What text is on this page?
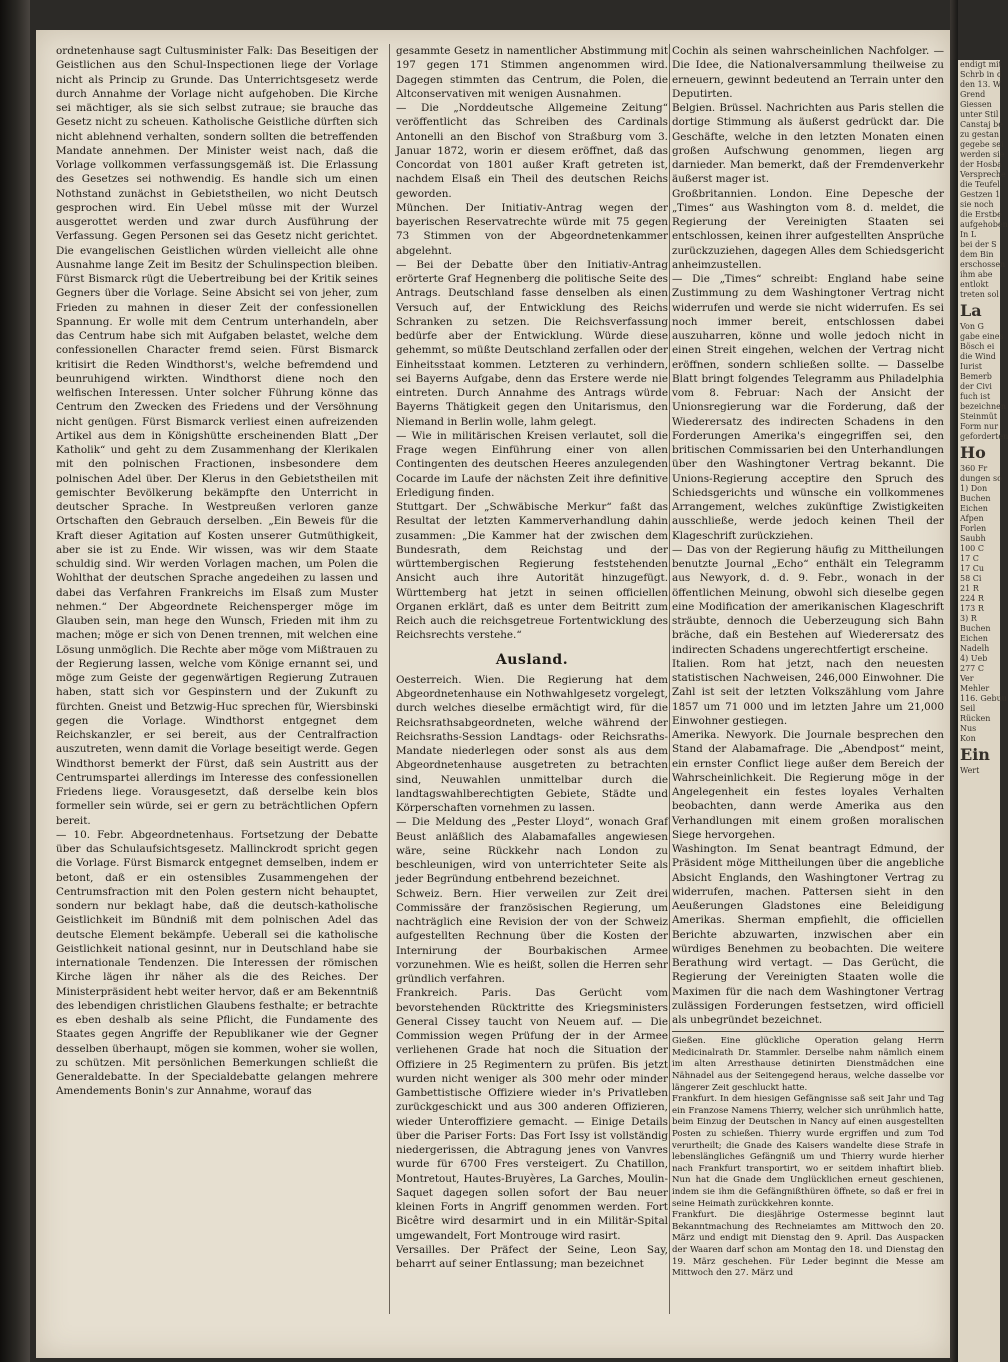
ordnetenhause sagt Cultusminister Falk: Das Beseitigen der Geistlichen aus den Schul-Inspectionen liege der Vorlage nicht als Princip zu Grunde. Das Unterrichtsgesetz werde durch Annahme der Vorlage nicht aufgehoben. Die Kirche sei mächtiger, als sie sich selbst zutraue; sie brauche das Gesetz nicht zu scheuen. Katholische Geistliche dürften sich nicht ablehnend verhalten, sondern sollten die betreffenden Mandate annehmen. Der Minister weist nach, daß die Vorlage vollkommen verfassungsgemäß ist. Die Erlassung des Gesetzes sei nothwendig. Es handle sich um einen Nothstand zunächst in Gebietstheilen, wo nicht Deutsch gesprochen wird. Ein Uebel müsse mit der Wurzel ausgerottet werden und zwar durch Ausführung der Verfassung. Gegen Personen sei das Gesetz nicht gerichtet. Die evangelischen Geistlichen würden vielleicht alle ohne Ausnahme lange Zeit im Besitz der Schulinspection bleiben. Fürst Bismarck rügt die Uebertreibung bei der Kritik seines Gegners über die Vorlage. Seine Absicht sei von jeher, zum Frieden zu mahnen in dieser Zeit der confessionellen Spannung. Er wolle mit dem Centrum unterhandeln, aber das Centrum habe sich mit Aufgaben belastet, welche dem confessionellen Character fremd seien. Fürst Bismarck kritisirt die Reden Windthorst's, welche befremdend und beunruhigend wirkten. Windthorst diene noch den welfischen Interessen. Unter solcher Führung könne das Centrum den Zwecken des Friedens und der Versöhnung nicht genügen. Fürst Bismarck verliest einen aufreizenden Artikel aus dem in Königshütte erscheinenden Blatt „Der Katholik“ und geht zu dem Zusammenhang der Klerikalen mit den polnischen Fractionen, insbesondere dem polnischen Adel über. Der Klerus in den Gebietstheilen mit gemischter Bevölkerung bekämpfte den Unterricht in deutscher Sprache. In Westpreußen verloren ganze Ortschaften den Gebrauch derselben. „Ein Beweis für die Kraft dieser Agitation auf Kosten unserer Gutmüthigkeit, aber sie ist zu Ende. Wir wissen, was wir dem Staate schuldig sind. Wir werden Vorlagen machen, um Polen die Wohlthat der deutschen Sprache angedeihen zu lassen und dabei das Verfahren Frankreichs im Elsaß zum Muster nehmen.“ Der Abgeordnete Reichensperger möge im Glauben sein, man hege den Wunsch, Frieden mit ihm zu machen; möge er sich von Denen trennen, mit welchen eine Lösung unmöglich. Die Rechte aber möge vom Mißtrauen zu der Regierung lassen, welche vom Könige ernannt sei, und möge zum Geiste der gegenwärtigen Regierung Zutrauen haben, statt sich vor Gespinstern und der Zukunft zu fürchten. Gneist und Betzwig-Huc sprechen für, Wiersbinski gegen die Vorlage. Windthorst entgegnet dem Reichskanzler, er sei bereit, aus der Centralfraction auszutreten, wenn damit die Vorlage beseitigt werde. Gegen Windthorst bemerkt der Fürst, daß sein Austritt aus der Centrumspartei allerdings im Interesse des confessionellen Friedens liege. Vorausgesetzt, daß derselbe kein blos formeller sein würde, sei er gern zu beträchtlichen Opfern bereit.

— 10. Febr. Abgeordnetenhaus. Fortsetzung der Debatte über das Schulaufsichtsgesetz. Mallinckrodt spricht gegen die Vorlage. Fürst Bismarck entgegnet demselben, indem er betont, daß er ein ostensibles Zusammengehen der Centrumsfraction mit den Polen gestern nicht behauptet, sondern nur beklagt habe, daß die deutsch-katholische Geistlichkeit im Bündniß mit dem polnischen Adel das deutsche Element bekämpfe. Ueberall sei die katholische Geistlichkeit national gesinnt, nur in Deutschland habe sie internationale Tendenzen. Die Interessen der römischen Kirche lägen ihr näher als die des Reiches. Der Ministerpräsident hebt weiter hervor, daß er am Bekenntniß des lebendigen christlichen Glaubens festhalte; er betrachte es eben deshalb als seine Pflicht, die Fundamente des Staates gegen Angriffe der Republikaner wie der Gegner desselben überhaupt, mögen sie kommen, woher sie wollen, zu schützen. Mit persönlichen Bemerkungen schließt die Generaldebatte. In der Specialdebatte gelangen mehrere Amendements Bonin's zur Annahme, worauf das

gesammte Gesetz in namentlicher Abstimmung mit 197 gegen 171 Stimmen angenommen wird. Dagegen stimmten das Centrum, die Polen, die Altconservativen mit wenigen Ausnahmen.

— Die „Norddeutsche Allgemeine Zeitung“ veröffentlicht das Schreiben des Cardinals Antonelli an den Bischof von Straßburg vom 3. Januar 1872, worin er diesem eröffnet, daß das Concordat von 1801 außer Kraft getreten ist, nachdem Elsaß ein Theil des deutschen Reichs geworden.

München. Der Initiativ-Antrag wegen der bayerischen Reservatrechte würde mit 75 gegen 73 Stimmen von der Abgeordnetenkammer abgelehnt.

— Bei der Debatte über den Initiativ-Antrag erörterte Graf Hegnenberg die politische Seite des Antrags. Deutschland fasse denselben als einen Versuch auf, der Entwicklung des Reichs Schranken zu setzen. Die Reichsverfassung bedürfe aber der Entwicklung. Würde diese gehemmt, so müßte Deutschland zerfallen oder der Einheitsstaat kommen. Letzteren zu verhindern, sei Bayerns Aufgabe, denn das Erstere werde nie eintreten. Durch Annahme des Antrags würde Bayerns Thätigkeit gegen den Unitarismus, den Niemand in Berlin wolle, lahm gelegt.

— Wie in militärischen Kreisen verlautet, soll die Frage wegen Einführung einer von allen Contingenten des deutschen Heeres anzulegenden Cocarde im Laufe der nächsten Zeit ihre definitive Erledigung finden.

Stuttgart. Der „Schwäbische Merkur“ faßt das Resultat der letzten Kammerverhandlung dahin zusammen: „Die Kammer hat der zwischen dem Bundesrath, dem Reichstag und der württembergischen Regierung feststehenden Ansicht auch ihre Autorität hinzugefügt. Württemberg hat jetzt in seinen officiellen Organen erklärt, daß es unter dem Beitritt zum Reich auch die reichsgetreue Fortentwicklung des Reichsrechts verstehe.“

Ausland.

Oesterreich. Wien. Die Regierung hat dem Abgeordnetenhause ein Nothwahlgesetz vorgelegt, durch welches dieselbe ermächtigt wird, für die Reichsrathsabgeordneten, welche während der Reichsraths-Session Landtags- oder Reichsraths-Mandate niederlegen oder sonst als aus dem Abgeordnetenhause ausgetreten zu betrachten sind, Neuwahlen unmittelbar durch die landtagswahlberechtigten Gebiete, Städte und Körperschaften vornehmen zu lassen.

— Die Meldung des „Pester Lloyd“, wonach Graf Beust anläßlich des Alabamafalles angewiesen wäre, seine Rückkehr nach London zu beschleunigen, wird von unterrichteter Seite als jeder Begründung entbehrend bezeichnet.

Schweiz. Bern. Hier verweilen zur Zeit drei Commissäre der französischen Regierung, um nachträglich eine Revision der von der Schweiz aufgestellten Rechnung über die Kosten der Internirung der Bourbakischen Armee vorzunehmen. Wie es heißt, sollen die Herren sehr gründlich verfahren.

Frankreich. Paris. Das Gerücht vom bevorstehenden Rücktritte des Kriegsministers General Cissey taucht von Neuem auf. — Die Commission wegen Prüfung der in der Armee verliehenen Grade hat noch die Situation der Offiziere in 25 Regimentern zu prüfen. Bis jetzt wurden nicht weniger als 300 mehr oder minder Gambettistische Offiziere wieder in's Privatleben zurückgeschickt und aus 300 anderen Offizieren, wieder Unteroffiziere gemacht. — Einige Details über die Pariser Forts: Das Fort Issy ist vollständig niedergerissen, die Abtragung jenes von Vanvres wurde für 6700 Fres versteigert. Zu Chatillon, Montretout, Hautes-Bruyères, La Garches, Moulin-Saquet dagegen sollen sofort der Bau neuer kleinen Forts in Angriff genommen werden. Fort Bicêtre wird desarmirt und in ein Militär-Spital umgewandelt, Fort Montrouge wird rasirt.

Versailles. Der Präfect der Seine, Leon Say, beharrt auf seiner Entlassung; man bezeichnet

Cochin als seinen wahrscheinlichen Nachfolger. — Die Idee, die Nationalversammlung theilweise zu erneuern, gewinnt bedeutend an Terrain unter den Deputirten.

Belgien. Brüssel. Nachrichten aus Paris stellen die dortige Stimmung als äußerst gedrückt dar. Die Geschäfte, welche in den letzten Monaten einen großen Aufschwung genommen, liegen arg darnieder. Man bemerkt, daß der Fremdenverkehr äußerst mager ist.

Großbritannien. London. Eine Depesche der „Times“ aus Washington vom 8. d. meldet, die Regierung der Vereinigten Staaten sei entschlossen, keinen ihrer aufgestellten Ansprüche zurückzuziehen, dagegen Alles dem Schiedsgericht anheimzustellen.

— Die „Times“ schreibt: England habe seine Zustimmung zu dem Washingtoner Vertrag nicht widerrufen und werde sie nicht widerrufen. Es sei noch immer bereit, entschlossen dabei auszuharren, könne und wolle jedoch nicht in einen Streit eingehen, welchen der Vertrag nicht eröffnen, sondern schließen sollte. — Dasselbe Blatt bringt folgendes Telegramm aus Philadelphia vom 8. Februar: Nach der Ansicht der Unionsregierung war die Forderung, daß der Wiederersatz des indirecten Schadens in den Forderungen Amerika's eingegriffen sei, den britischen Commissarien bei den Unterhandlungen über den Washingtoner Vertrag bekannt. Die Unions-Regierung acceptire den Spruch des Schiedsgerichts und wünsche ein vollkommenes Arrangement, welches zukünftige Zwistigkeiten ausschließe, werde jedoch keinen Theil der Klageschrift zurückziehen.

— Das von der Regierung häufig zu Mittheilungen benutzte Journal „Echo“ enthält ein Telegramm aus Newyork, d. d. 9. Febr., wonach in der öffentlichen Meinung, obwohl sich dieselbe gegen eine Modification der amerikanischen Klageschrift sträubte, dennoch die Ueberzeugung sich Bahn bräche, daß ein Bestehen auf Wiederersatz des indirecten Schadens ungerechtfertigt erscheine.

Italien. Rom hat jetzt, nach den neuesten statistischen Nachweisen, 246,000 Einwohner. Die Zahl ist seit der letzten Volkszählung vom Jahre 1857 um 71 000 und im letzten Jahre um 21,000 Einwohner gestiegen.

Amerika. Newyork. Die Journale besprechen den Stand der Alabamafrage. Die „Abendpost“ meint, ein ernster Conflict liege außer dem Bereich der Wahrscheinlichkeit. Die Regierung möge in der Angelegenheit ein festes loyales Verhalten beobachten, dann werde Amerika aus den Verhandlungen mit einem großen moralischen Siege hervorgehen.

Washington. Im Senat beantragt Edmund, der Präsident möge Mittheilungen über die angebliche Absicht Englands, den Washingtoner Vertrag zu widerrufen, machen. Pattersen sieht in den Aeußerungen Gladstones eine Beleidigung Amerikas. Sherman empfiehlt, die officiellen Berichte abzuwarten, inzwischen aber ein würdiges Benehmen zu beobachten. Die weitere Berathung wird vertagt. — Das Gerücht, die Regierung der Vereinigten Staaten wolle die Maximen für die nach dem Washingtoner Vertrag zulässigen Forderungen festsetzen, wird officiell als unbegründet bezeichnet.

Gießen. Eine glückliche Operation gelang Herrn Medicinalrath Dr. Stammler. Derselbe nahm nämlich einem im alten Arresthause detinirten Dienstmädchen eine Nähnadel aus der Seitengegend heraus, welche dasselbe vor längerer Zeit geschluckt hatte.

Frankfurt. In dem hiesigen Gefängnisse saß seit Jahr und Tag ein Franzose Namens Thierry, welcher sich unrühmlich hatte, beim Einzug der Deutschen in Nancy auf einen ausgestellten Posten zu schießen. Thierry wurde ergriffen und zum Tod verurtheilt; die Gnade des Kaisers wandelte diese Strafe in lebenslängliches Gefängniß um und Thierry wurde hierher nach Frankfurt transportirt, wo er seitdem inhaftirt blieb. Nun hat die Gnade dem Unglücklichen erneut geschienen, indem sie ihm die Gefängnißthüren öffnete, so daß er frei in seine Heimath zurückkehren konnte.

Frankfurt. Die diesjährige Ostermesse beginnt laut Bekanntmachung des Rechneiamtes am Mittwoch den 20. März und endigt mit Dienstag den 9. April. Das Auspacken der Waaren darf schon am Montag den 18. und Dienstag den 19. März geschehen. Für Leder beginnt die Messe am Mittwoch den 27. März und

endigt mit
Schrb in d
den 13. W
Grend
Giessen
unter Stil
Canstaj be
zu gestan
gegebe sei
werden sie
der Hosba
Verspreche
die Teufel
Gestzen 1
sie noch
die Erstbe
aufgehoben
In L
bei der S
dem Bin
erschossen
ihm abe
entlokt
treten sol
La
Von G
gabe eines
Bösch ei
die Wind
Iurist
Bemerb
der Civi
fuch ist
bezeichnen
Steinmüt
Form nur
geforderten
Ho
360 Fr
dungen so
1) Don
Buchen
Eichen
Afpen
Forlen
Saubh
100 C
17 C
17 Cu
58 Ci
21 R
224 R
173 R
3) R
Buchen
Eichen
Nadelh
4) Ueb
277 C
Ver
Mehler
116. Gebuu
Seil
Rücken
Nus
Kon
Ein
Wert
